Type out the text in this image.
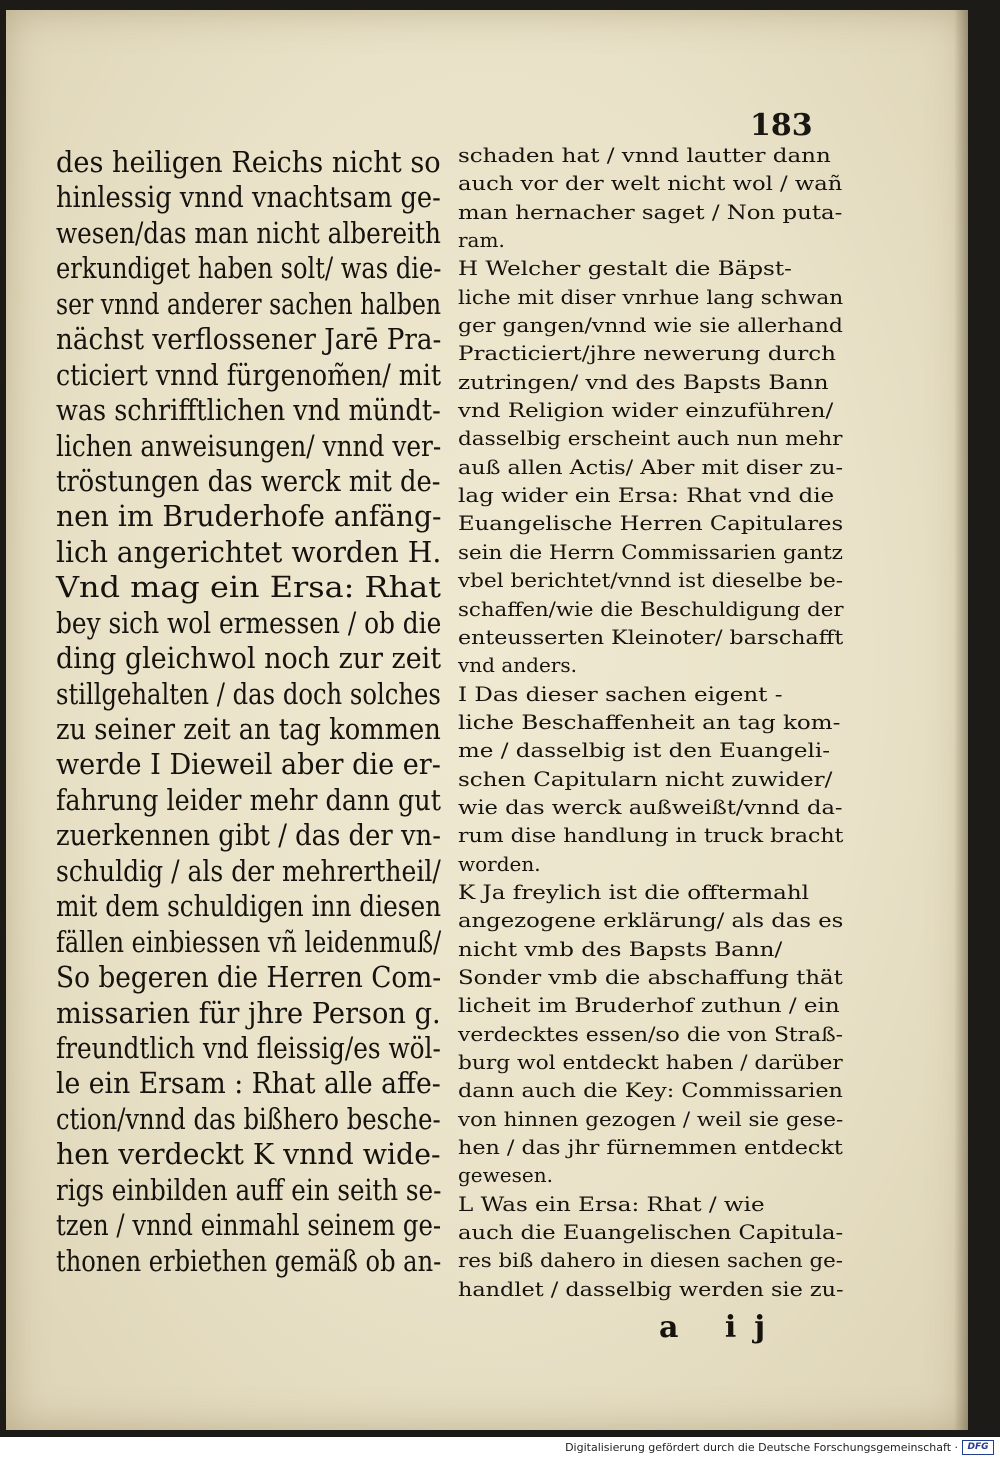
183
des heiligen Reichs nicht so
hinlessig vnnd vnachtsam ge-
wesen/das man nicht albereith
erkundiget haben solt/ was die-
ser vnnd anderer sachen halben
nächst verflossener Jarē Pra-
cticiert vnnd fürgenom̃en/ mit
was schrifftlichen vnd mündt-
lichen anweisungen/ vnnd ver-
tröstungen das werck mit de-
nen im Bruderhofe anfäng-
lich angerichtet worden H.
Vnd mag ein Ersa: Rhat
bey sich wol ermessen / ob die
ding gleichwol noch zur zeit
stillgehalten / das doch solches
zu seiner zeit an tag kommen
werde I Dieweil aber die er-
fahrung leider mehr dann gut
zuerkennen gibt / das der vn-
schuldig / als der mehrertheil/
mit dem schuldigen inn diesen
fällen einbiessen vñ leidenmuß/
So begeren die Herren Com-
missarien für jhre Person g.
freundtlich vnd fleissig/es wöl-
le ein Ersam : Rhat alle affe-
ction/vnnd das bißhero besche-
hen verdeckt K vnnd wide-
rigs einbilden auff ein seith se-
tzen / vnnd einmahl seinem ge-
thonen erbiethen gemäß ob an-
schaden hat / vnnd lautter dann
auch vor der welt nicht wol / wañ
man hernacher saget / Non puta-
ram.
H Welcher gestalt die Bäpst-
liche mit diser vnrhue lang schwan
ger gangen/vnnd wie sie allerhand
Practiciert/jhre newerung durch
zutringen/ vnd des Bapsts Bann
vnd Religion wider einzuführen/
dasselbig erscheint auch nun mehr
auß allen Actis/ Aber mit diser zu-
lag wider ein Ersa: Rhat vnd die
Euangelische Herren Capitulares
sein die Herrn Commissarien gantz
vbel berichtet/vnnd ist dieselbe be-
schaffen/wie die Beschuldigung der
enteusserten Kleinoter/ barschafft
vnd anders.
I Das dieser sachen eigent -
liche Beschaffenheit an tag kom-
me / dasselbig ist den Euangeli-
schen Capitularn nicht zuwider/
wie das werck außweißt/vnnd da-
rum dise handlung in truck bracht
worden.
K Ja freylich ist die offtermahl
angezogene erklärung/ als das es
nicht vmb des Bapsts Bann/
Sonder vmb die abschaffung thät
licheit im Bruderhof zuthun / ein
verdecktes essen/so die von Straß-
burg wol entdeckt haben / darüber
dann auch die Key: Commissarien
von hinnen gezogen / weil sie gese-
hen / das jhr fürnemmen entdeckt
gewesen.
L Was ein Ersa: Rhat / wie
auch die Euangelischen Capitula-
res biß dahero in diesen sachen ge-
handlet / dasselbig werden sie zu-
a ij
Digitalisierung gefördert durch die Deutsche Forschungsgemeinschaft ·	DFG
